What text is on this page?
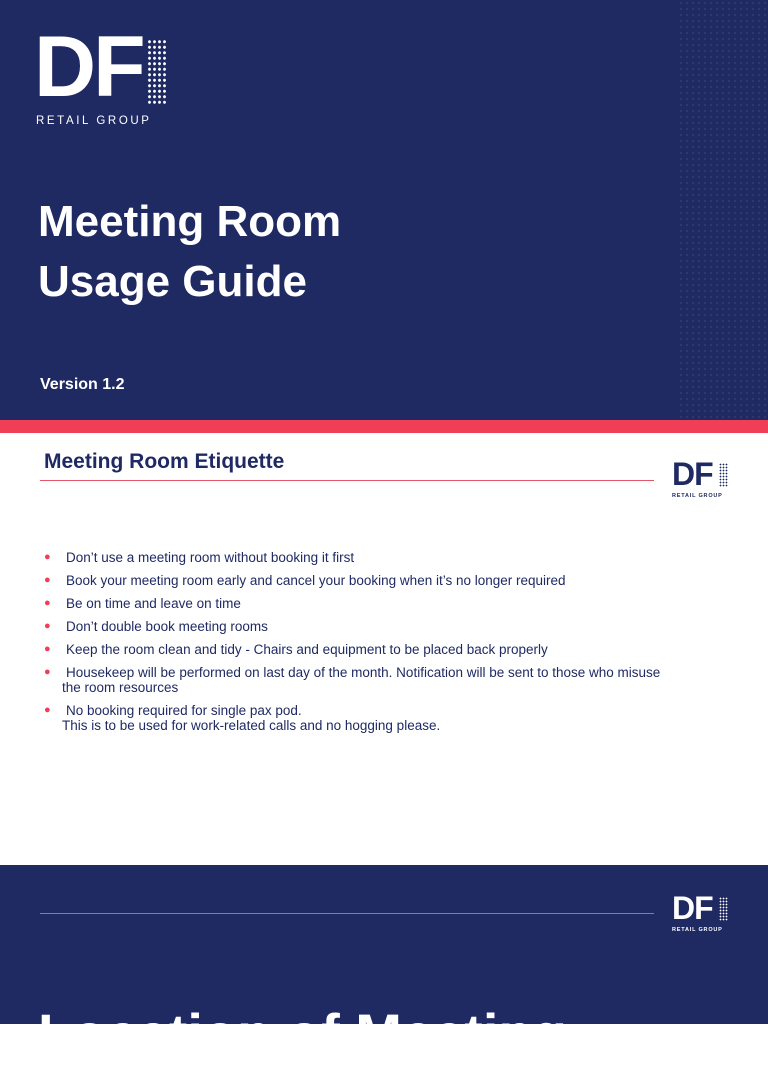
DF
RETAIL GROUP
Meeting Room
Usage Guide
Version 1.2
Meeting Room Etiquette	DF
RETAIL GROUP
● Don’t use a meeting room without booking it first
● Book your meeting room early and cancel your booking when it’s no longer required
● Be on time and leave on time
● Don’t double book meeting rooms
● Keep the room clean and tidy - Chairs and equipment to be placed back properly
● Housekeep will be performed on last day of the month. Notification will be sent to those who misuse
the room resources
● No booking required for single pax pod.
This is to be used for work-related calls and no hogging please.
DF
RETAIL GROUP
Location of Meeting
